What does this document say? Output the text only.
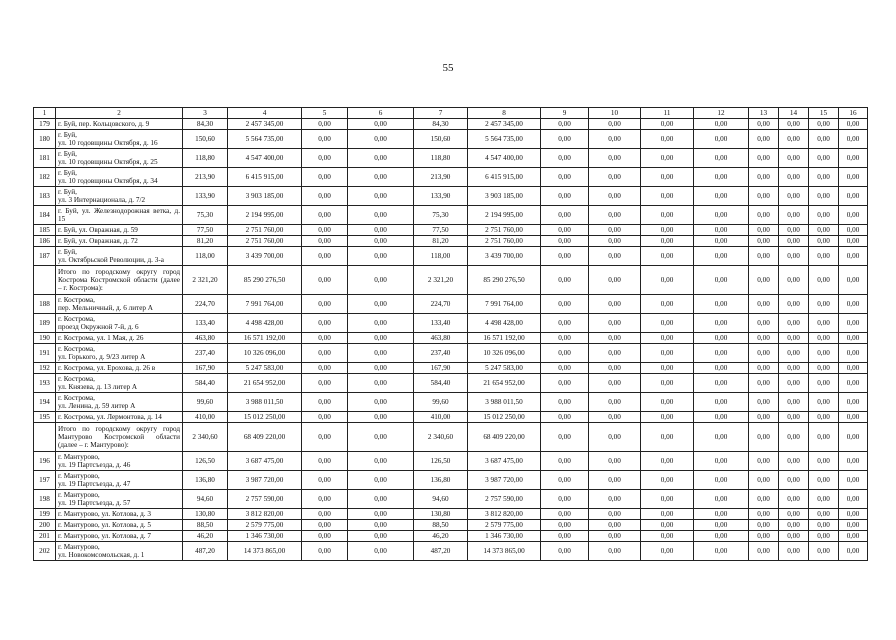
55
1	2	3	4	5	6	7	8	9	10	11	12	13	14	15	16
179	г. Буй, пер. Кольцовского, д. 9	84,30	2 457 345,00	0,00	0,00	84,30	2 457 345,00	0,00	0,00	0,00	0,00	0,00	0,00	0,00	0,00
180	г. Буй,
ул. 10 годовщины Октября, д. 16	150,60	5 564 735,00	0,00	0,00	150,60	5 564 735,00	0,00	0,00	0,00	0,00	0,00	0,00	0,00	0,00
181	г. Буй,
ул. 10 годовщины Октября, д. 25	118,80	4 547 400,00	0,00	0,00	118,80	4 547 400,00	0,00	0,00	0,00	0,00	0,00	0,00	0,00	0,00
182	г. Буй,
ул. 10 годовщины Октября, д. 34	213,90	6 415 915,00	0,00	0,00	213,90	6 415 915,00	0,00	0,00	0,00	0,00	0,00	0,00	0,00	0,00
183	г. Буй,
ул. 3 Интернационала, д. 7/2	133,90	3 903 185,00	0,00	0,00	133,90	3 903 185,00	0,00	0,00	0,00	0,00	0,00	0,00	0,00	0,00
184	г. Буй, ул. Железнодорожная ветка, д. 15	75,30	2 194 995,00	0,00	0,00	75,30	2 194 995,00	0,00	0,00	0,00	0,00	0,00	0,00	0,00	0,00
185	г. Буй, ул. Овражная, д. 59	77,50	2 751 760,00	0,00	0,00	77,50	2 751 760,00	0,00	0,00	0,00	0,00	0,00	0,00	0,00	0,00
186	г. Буй, ул. Овражная, д. 72	81,20	2 751 760,00	0,00	0,00	81,20	2 751 760,00	0,00	0,00	0,00	0,00	0,00	0,00	0,00	0,00
187	г. Буй,
ул. Октябрьской Революции, д. 3-а	118,00	3 439 700,00	0,00	0,00	118,00	3 439 700,00	0,00	0,00	0,00	0,00	0,00	0,00	0,00	0,00
	Итого по городскому округу город Кострома Костромской области (далее – г. Кострома):	2 321,20	85 290 276,50	0,00	0,00	2 321,20	85 290 276,50	0,00	0,00	0,00	0,00	0,00	0,00	0,00	0,00
188	г. Кострома,
пер. Мельничный, д. 6 литер А	224,70	7 991 764,00	0,00	0,00	224,70	7 991 764,00	0,00	0,00	0,00	0,00	0,00	0,00	0,00	0,00
189	г. Кострома,
проезд Окружной 7-й, д. 6	133,40	4 498 428,00	0,00	0,00	133,40	4 498 428,00	0,00	0,00	0,00	0,00	0,00	0,00	0,00	0,00
190	г. Кострома, ул. 1 Мая, д. 26	463,80	16 571 192,00	0,00	0,00	463,80	16 571 192,00	0,00	0,00	0,00	0,00	0,00	0,00	0,00	0,00
191	г. Кострома,
ул. Горького, д. 9/23 литер А	237,40	10 326 096,00	0,00	0,00	237,40	10 326 096,00	0,00	0,00	0,00	0,00	0,00	0,00	0,00	0,00
192	г. Кострома, ул. Ерохова, д. 26 в	167,90	5 247 583,00	0,00	0,00	167,90	5 247 583,00	0,00	0,00	0,00	0,00	0,00	0,00	0,00	0,00
193	г. Кострома,
ул. Князева, д. 13 литер А	584,40	21 654 952,00	0,00	0,00	584,40	21 654 952,00	0,00	0,00	0,00	0,00	0,00	0,00	0,00	0,00
194	г. Кострома,
ул. Ленина, д. 59 литер А	99,60	3 988 011,50	0,00	0,00	99,60	3 988 011,50	0,00	0,00	0,00	0,00	0,00	0,00	0,00	0,00
195	г. Кострома, ул. Лермонтова, д. 14	410,00	15 012 250,00	0,00	0,00	410,00	15 012 250,00	0,00	0,00	0,00	0,00	0,00	0,00	0,00	0,00
	Итого по городскому округу город Мантурово Костромской области (далее – г. Мантурово):	2 340,60	68 409 220,00	0,00	0,00	2 340,60	68 409 220,00	0,00	0,00	0,00	0,00	0,00	0,00	0,00	0,00
196	г. Мантурово,
ул. 19 Партсъезда, д. 46	126,50	3 687 475,00	0,00	0,00	126,50	3 687 475,00	0,00	0,00	0,00	0,00	0,00	0,00	0,00	0,00
197	г. Мантурово,
ул. 19 Партсъезда, д. 47	136,80	3 987 720,00	0,00	0,00	136,80	3 987 720,00	0,00	0,00	0,00	0,00	0,00	0,00	0,00	0,00
198	г. Мантурово,
ул. 19 Партсъезда, д. 57	94,60	2 757 590,00	0,00	0,00	94,60	2 757 590,00	0,00	0,00	0,00	0,00	0,00	0,00	0,00	0,00
199	г. Мантурово, ул. Котлова, д. 3	130,80	3 812 820,00	0,00	0,00	130,80	3 812 820,00	0,00	0,00	0,00	0,00	0,00	0,00	0,00	0,00
200	г. Мантурово, ул. Котлова, д. 5	88,50	2 579 775,00	0,00	0,00	88,50	2 579 775,00	0,00	0,00	0,00	0,00	0,00	0,00	0,00	0,00
201	г. Мантурово, ул. Котлова, д. 7	46,20	1 346 730,00	0,00	0,00	46,20	1 346 730,00	0,00	0,00	0,00	0,00	0,00	0,00	0,00	0,00
202	г. Мантурово,
ул. Новокомсомольская, д. 1	487,20	14 373 865,00	0,00	0,00	487,20	14 373 865,00	0,00	0,00	0,00	0,00	0,00	0,00	0,00	0,00
